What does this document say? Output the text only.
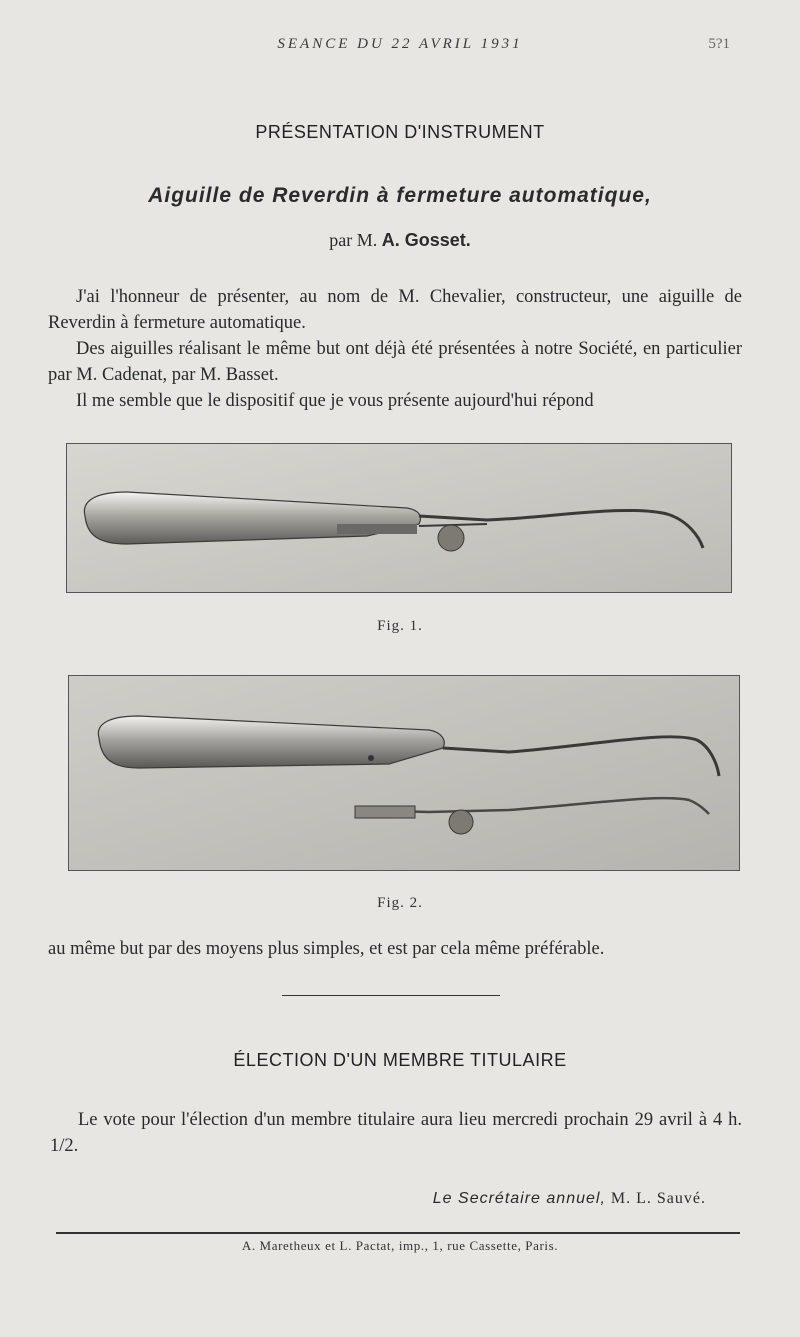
SEANCE DU 22 AVRIL 1931	5?1
PRÉSENTATION D'INSTRUMENT
Aiguille de Reverdin à fermeture automatique,
par M. A. Gosset.
J'ai l'honneur de présenter, au nom de M. Chevalier, constructeur, une aiguille de Reverdin à fermeture automatique.
Des aiguilles réalisant le même but ont déjà été présentées à notre Société, en particulier par M. Cadenat, par M. Basset.
Il me semble que le dispositif que je vous présente aujourd'hui répond
Fig. 1.
Fig. 2.
au même but par des moyens plus simples, et est par cela même préférable.
ÉLECTION D'UN MEMBRE TITULAIRE
Le vote pour l'élection d'un membre titulaire aura lieu mercredi prochain 29 avril à 4 h. 1/2.
Le Secrétaire annuel, M. L. Sauvé.
A. Maretheux et L. Pactat, imp., 1, rue Cassette, Paris.
